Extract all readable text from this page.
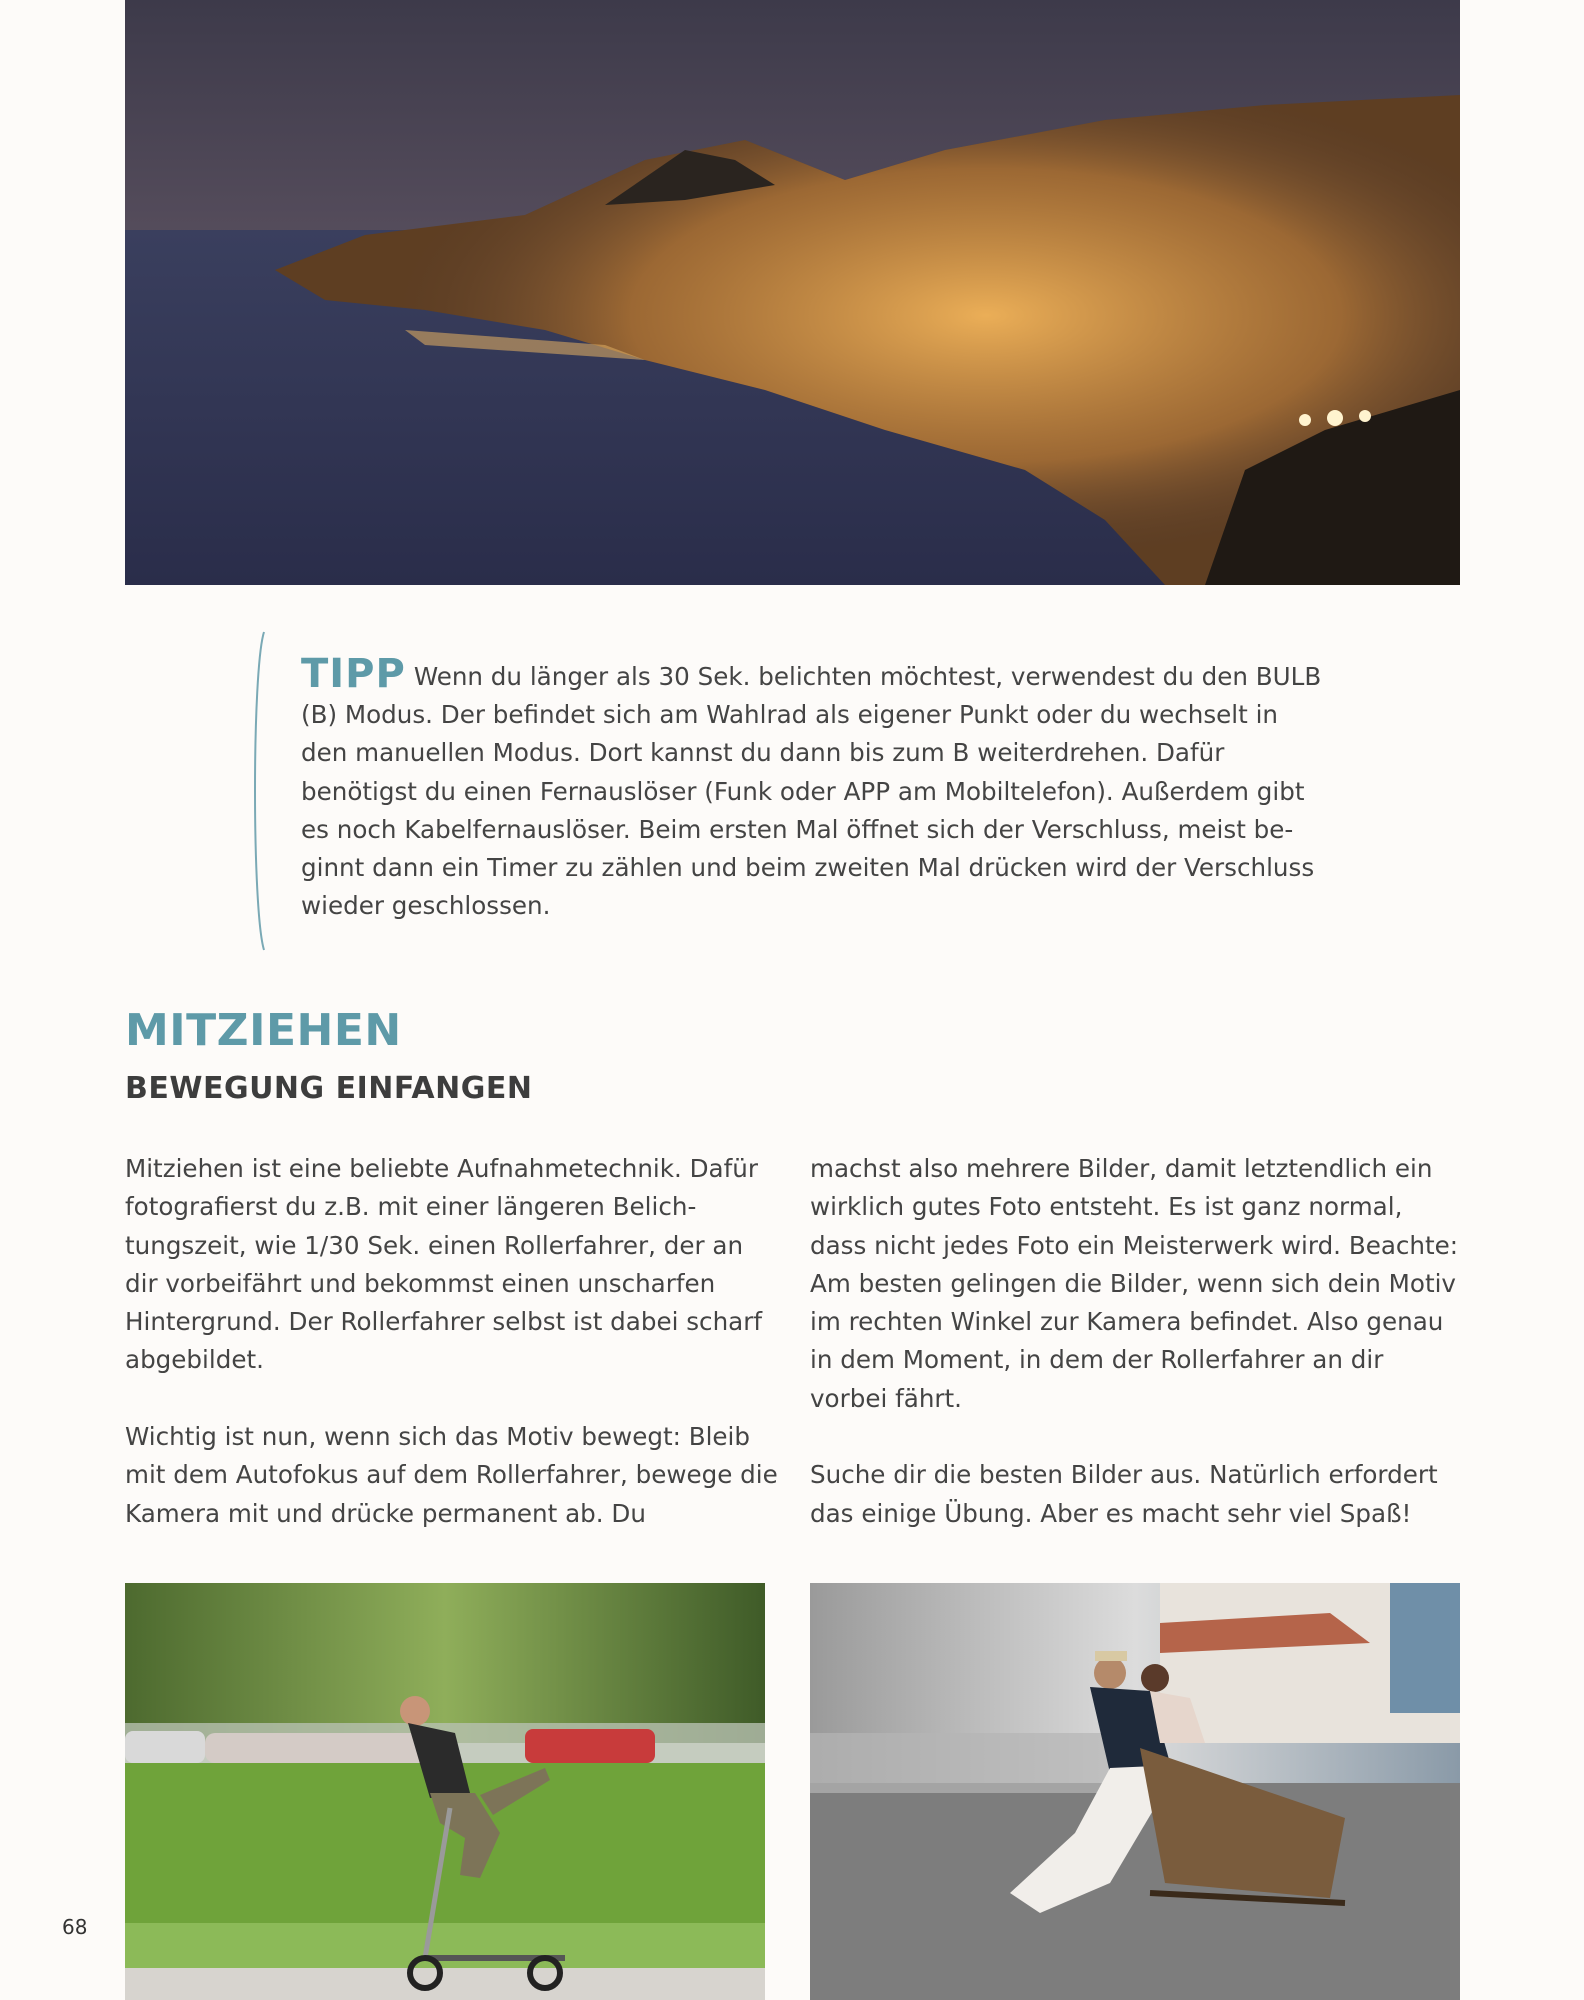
TIPP Wenn du länger als 30 Sek. belichten möchtest, verwendest du den BULB (B) Modus. Der befindet sich am Wahlrad als eigener Punkt oder du wechselt in den manuellen Modus. Dort kannst du dann bis zum B weiterdrehen. Dafür benötigst du einen Fernauslöser (Funk oder APP am Mobiltelefon). Außerdem gibt es noch Kabelfernauslöser. Beim ersten Mal öffnet sich der Verschluss, meist beginnt dann ein Timer zu zählen und beim zweiten Mal drücken wird der Verschluss wieder geschlossen.
MITZIEHEN
BEWEGUNG EINFANGEN

Mitziehen ist eine beliebte Aufnahmetechnik. Dafür fotografierst du z.B. mit einer längeren Belichtungszeit, wie 1/30 Sek. einen Rollerfahrer, der an dir vorbeifährt und bekommst einen unscharfen Hintergrund. Der Rollerfahrer selbst ist dabei scharf abgebildet.

Wichtig ist nun, wenn sich das Motiv bewegt: Bleib mit dem Autofokus auf dem Rollerfahrer, bewege die Kamera mit und drücke permanent ab. Du

machst also mehrere Bilder, damit letztendlich ein wirklich gutes Foto entsteht. Es ist ganz normal, dass nicht jedes Foto ein Meisterwerk wird. Beachte: Am besten gelingen die Bilder, wenn sich dein Motiv im rechten Winkel zur Kamera befindet. Also genau in dem Moment, in dem der Rollerfahrer an dir vorbei fährt.

Suche dir die besten Bilder aus. Natürlich erfordert das einige Übung. Aber es macht sehr viel Spaß!

68
